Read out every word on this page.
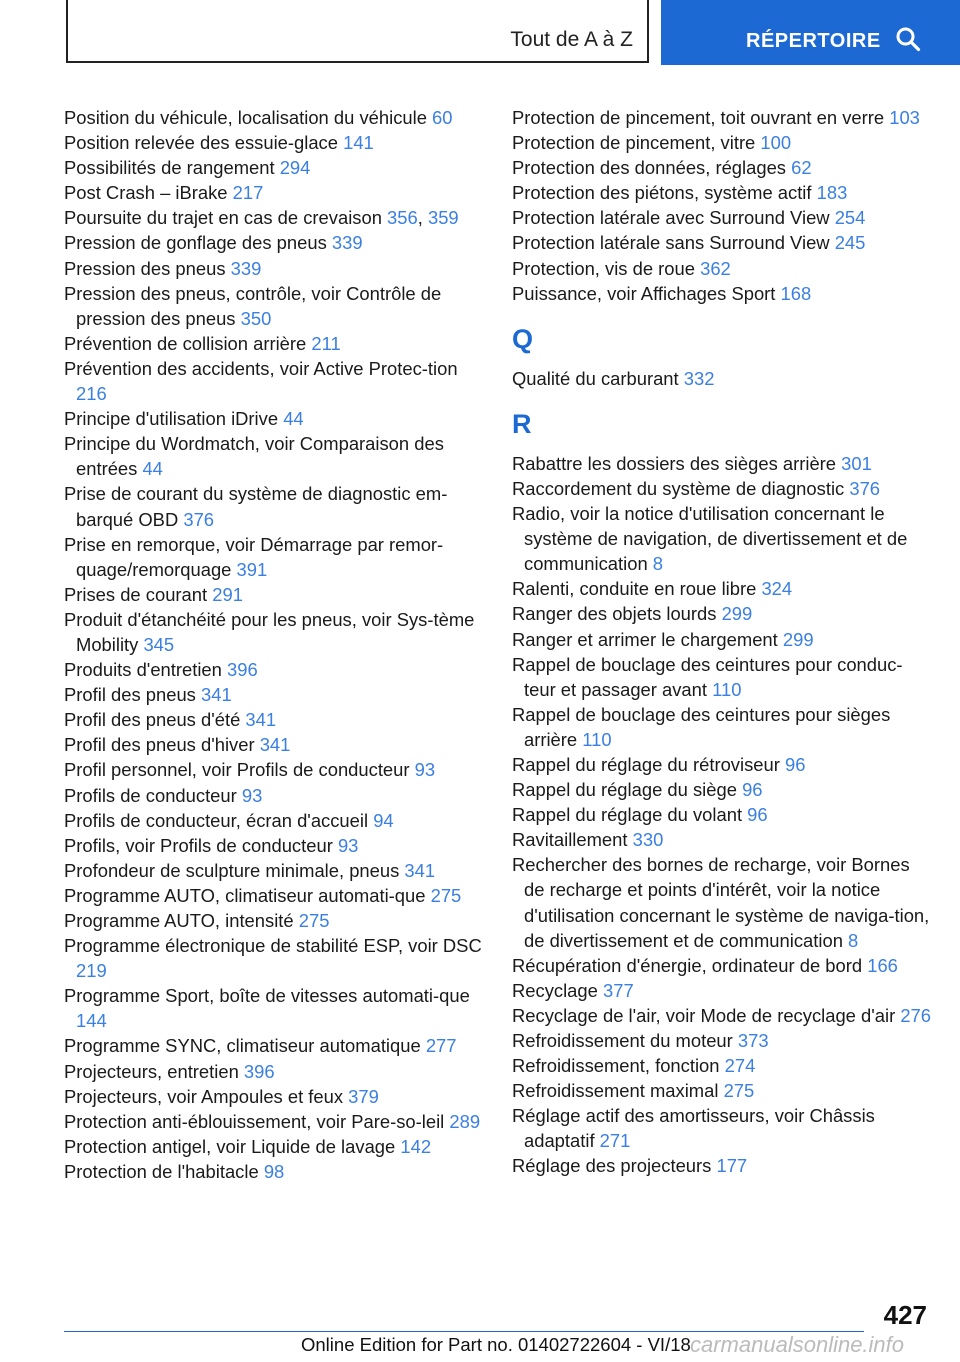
Tout de A à Z	RÉPERTOIRE
Position du véhicule, localisation du véhicule 60
Position relevée des essuie-glace 141
Possibilités de rangement 294
Post Crash – iBrake 217
Poursuite du trajet en cas de crevaison 356, 359
Pression de gonflage des pneus 339
Pression des pneus 339
Pression des pneus, contrôle, voir Contrôle de pression des pneus 350
Prévention de collision arrière 211
Prévention des accidents, voir Active Protec-tion 216
Principe d'utilisation iDrive 44
Principe du Wordmatch, voir Comparaison des entrées 44
Prise de courant du système de diagnostic em-barqué OBD 376
Prise en remorque, voir Démarrage par remor-quage/remorquage 391
Prises de courant 291
Produit d'étanchéité pour les pneus, voir Sys-tème Mobility 345
Produits d'entretien 396
Profil des pneus 341
Profil des pneus d'été 341
Profil des pneus d'hiver 341
Profil personnel, voir Profils de conducteur 93
Profils de conducteur 93
Profils de conducteur, écran d'accueil 94
Profils, voir Profils de conducteur 93
Profondeur de sculpture minimale, pneus 341
Programme AUTO, climatiseur automati-que 275
Programme AUTO, intensité 275
Programme électronique de stabilité ESP, voir DSC 219
Programme Sport, boîte de vitesses automati-que 144
Programme SYNC, climatiseur automatique 277
Projecteurs, entretien 396
Projecteurs, voir Ampoules et feux 379
Protection anti-éblouissement, voir Pare-so-leil 289
Protection antigel, voir Liquide de lavage 142
Protection de l'habitacle 98
Protection de pincement, toit ouvrant en verre 103
Protection de pincement, vitre 100
Protection des données, réglages 62
Protection des piétons, système actif 183
Protection latérale avec Surround View 254
Protection latérale sans Surround View 245
Protection, vis de roue 362
Puissance, voir Affichages Sport 168
Q
Qualité du carburant 332
R
Rabattre les dossiers des sièges arrière 301
Raccordement du système de diagnostic 376
Radio, voir la notice d'utilisation concernant le système de navigation, de divertissement et de communication 8
Ralenti, conduite en roue libre 324
Ranger des objets lourds 299
Ranger et arrimer le chargement 299
Rappel de bouclage des ceintures pour conduc-teur et passager avant 110
Rappel de bouclage des ceintures pour sièges arrière 110
Rappel du réglage du rétroviseur 96
Rappel du réglage du siège 96
Rappel du réglage du volant 96
Ravitaillement 330
Rechercher des bornes de recharge, voir Bornes de recharge et points d'intérêt, voir la notice d'utilisation concernant le système de naviga-tion, de divertissement et de communication 8
Récupération d'énergie, ordinateur de bord 166
Recyclage 377
Recyclage de l'air, voir Mode de recyclage d'air 276
Refroidissement du moteur 373
Refroidissement, fonction 274
Refroidissement maximal 275
Réglage actif des amortisseurs, voir Châssis adaptatif 271
Réglage des projecteurs 177
427
Online Edition for Part no. 01402722604 - VI/18 carmanualsonline.info
